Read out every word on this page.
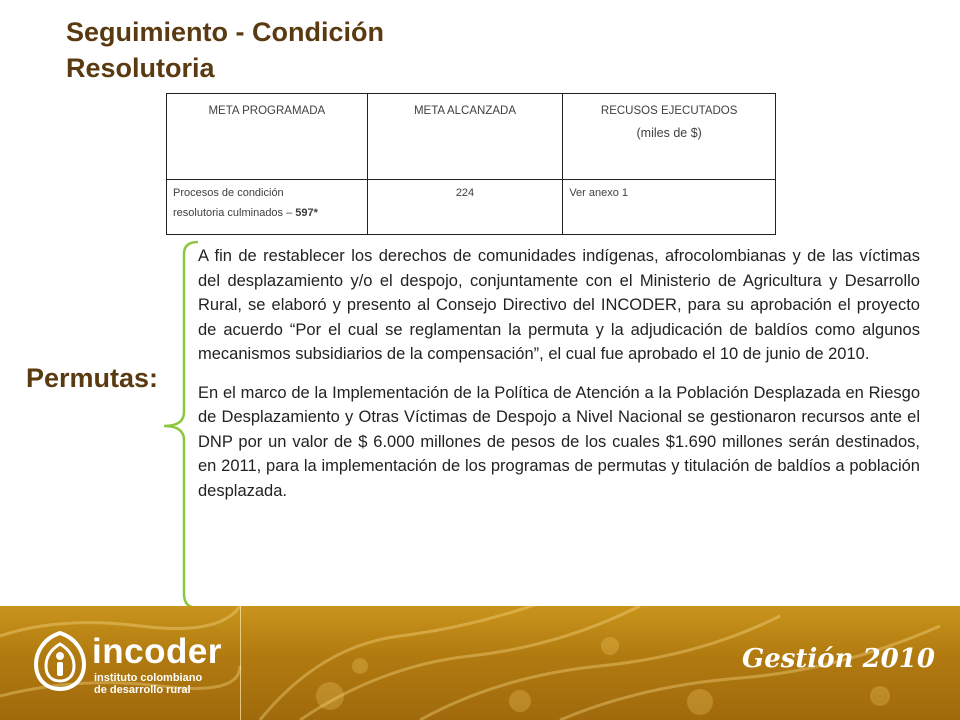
Seguimiento - Condición
Resolutoria
META PROGRAMADA	META ALCANZADA	RECUSOS EJECUTADOS
(miles de $)

Procesos de condición
resolutoria culminados – 597*	224	Ver anexo 1
Permutas:

A fin de restablecer los derechos de comunidades indígenas, afrocolombianas y de las víctimas del desplazamiento y/o el despojo, conjuntamente con el Ministerio de Agricultura y Desarrollo Rural, se elaboró y presento al Consejo Directivo del INCODER, para su aprobación el proyecto de acuerdo “Por el cual se reglamentan la permuta y la adjudicación de baldíos como algunos mecanismos subsidiarios de la compensación”, el cual fue aprobado el 10 de junio de 2010.

En el marco de la Implementación de la Política de Atención a la Población Desplazada en Riesgo de Desplazamiento y Otras Víctimas de Despojo a Nivel Nacional se gestionaron recursos ante el DNP por un valor de $ 6.000 millones de pesos de los cuales $1.690 millones serán destinados, en 2011, para la implementación de los programas de permutas y titulación de baldíos a población desplazada.

incoder
instituto colombiano
de desarrollo rural
Gestión 2010
